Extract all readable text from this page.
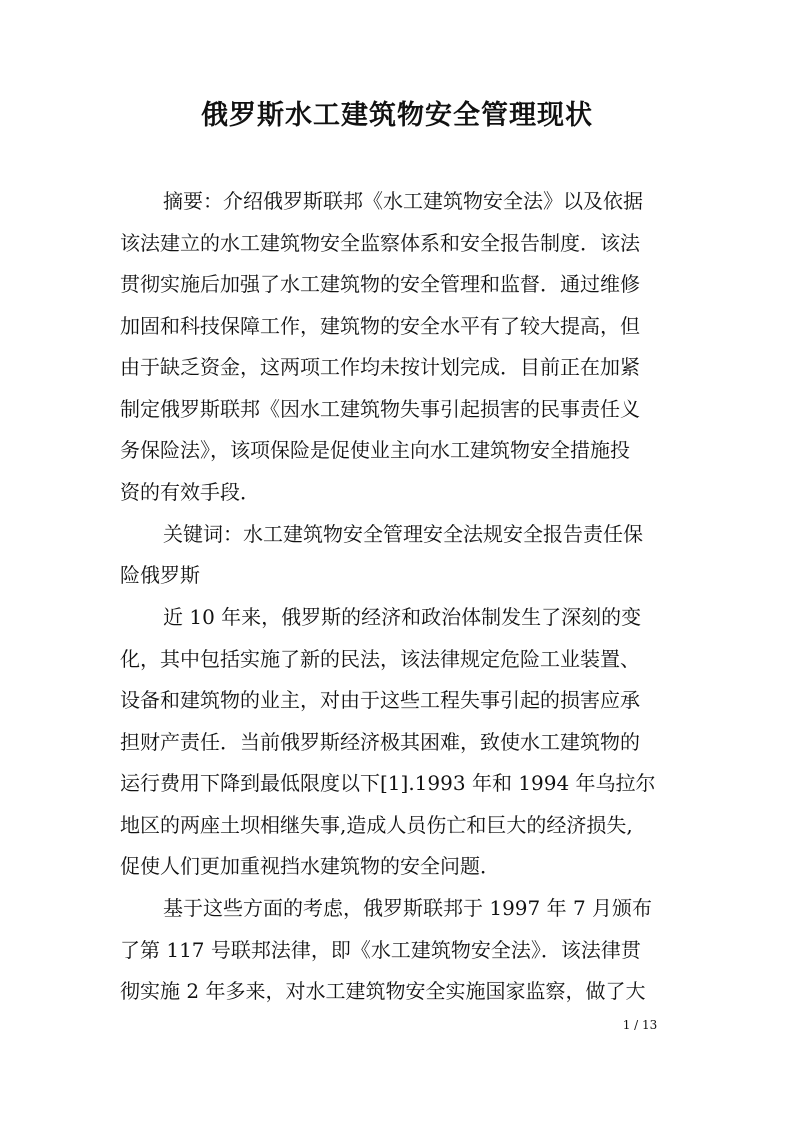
俄罗斯水工建筑物安全管理现状
摘要：介绍俄罗斯联邦《水工建筑物安全法》以及依据
该法建立的水工建筑物安全监察体系和安全报告制度．该法
贯彻实施后加强了水工建筑物的安全管理和监督．通过维修
加固和科技保障工作，建筑物的安全水平有了较大提高，但
由于缺乏资金，这两项工作均未按计划完成．目前正在加紧
制定俄罗斯联邦《因水工建筑物失事引起损害的民事责任义
务保险法》，该项保险是促使业主向水工建筑物安全措施投
资的有效手段．
关键词：水工建筑物安全管理安全法规安全报告责任保
险俄罗斯
近 10 年来，俄罗斯的经济和政治体制发生了深刻的变
化，其中包括实施了新的民法，该法律规定危险工业装置、
设备和建筑物的业主，对由于这些工程失事引起的损害应承
担财产责任．当前俄罗斯经济极其困难，致使水工建筑物的
运行费用下降到最低限度以下[1].1993 年和 1994 年乌拉尔
地区的两座土坝相继失事,造成人员伤亡和巨大的经济损失,
促使人们更加重视挡水建筑物的安全问题．
基于这些方面的考虑，俄罗斯联邦于 1997 年 7 月颁布
了第 117 号联邦法律，即《水工建筑物安全法》．该法律贯
彻实施 2 年多来，对水工建筑物安全实施国家监察，做了大
1 / 13
